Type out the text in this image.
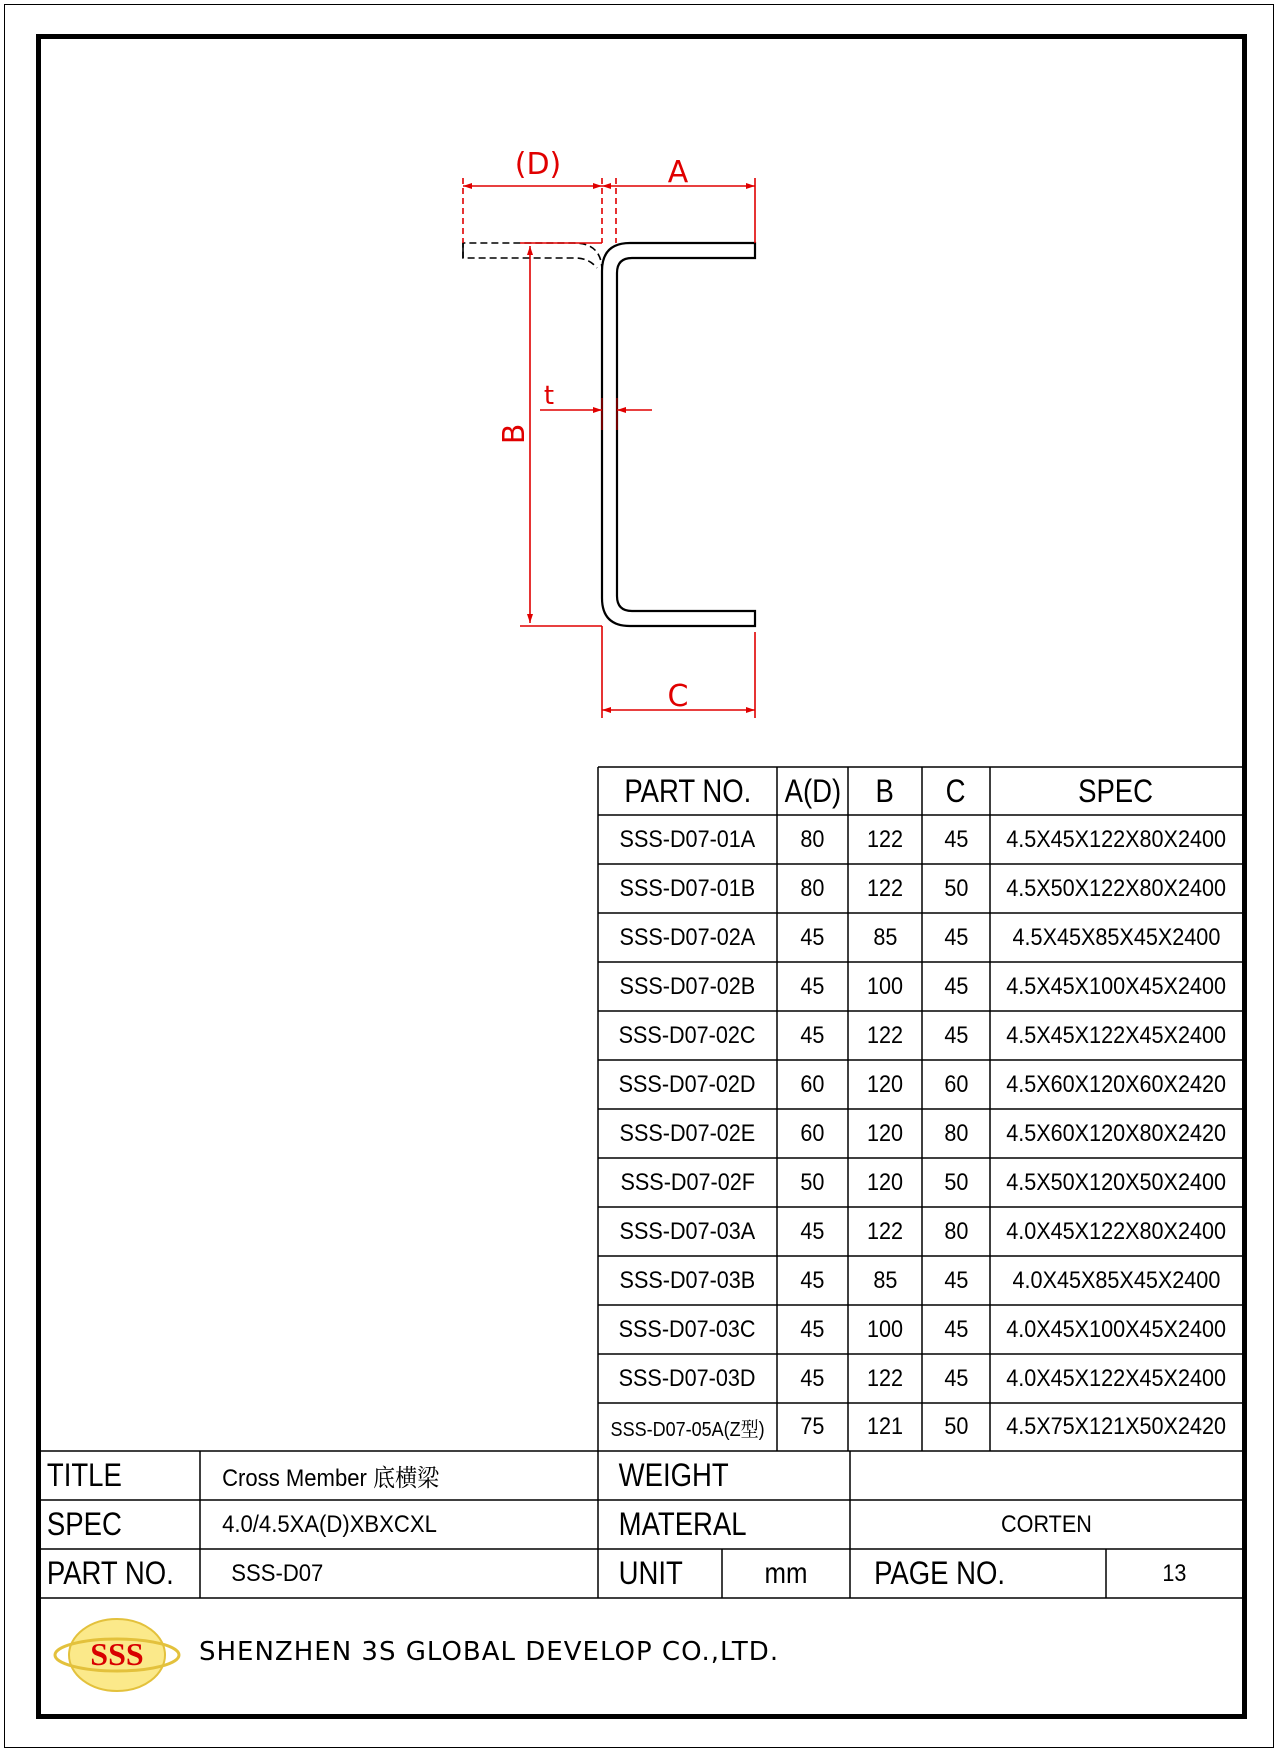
(D)	A
B
C
t
PART NO. A(D) B C	SPEC
SSS-D07-01A 80 122 45 4.5X45X122X80X2400
SSS-D07-01B 80 122 50 4.5X50X122X80X2400
SSS-D07-02A 45 85 45 4.5X45X85X45X2400
SSS-D07-02B 45 100 45 4.5X45X100X45X2400
SSS-D07-02C 45 122 45 4.5X45X122X45X2400
SSS-D07-02D 60 120 60 4.5X60X120X60X2420
SSS-D07-02E 60 120 80 4.5X60X120X80X2420
SSS-D07-02F 50 120 50 4.5X50X120X50X2400
SSS-D07-03A 45 122 80 4.0X45X122X80X2400
SSS-D07-03B 45 85 45 4.0X45X85X45X2400
SSS-D07-03C 45 100 45 4.0X45X100X45X2400
SSS-D07-03D 45 122 45 4.0X45X122X45X2400
SSS-D07-05A(Z型) 75 121 50 4.5X75X121X50X2420
TITLE	Cross Member 底横梁	WEIGHT
SPEC	4.0/4.5XA(D)XBXCXL	MATERAL	CORTEN
PART NO.	SSS-D07	UNIT	mm	PAGE NO.	13
SSS SHENZHEN 3S GLOBAL DEVELOP CO.,LTD.
